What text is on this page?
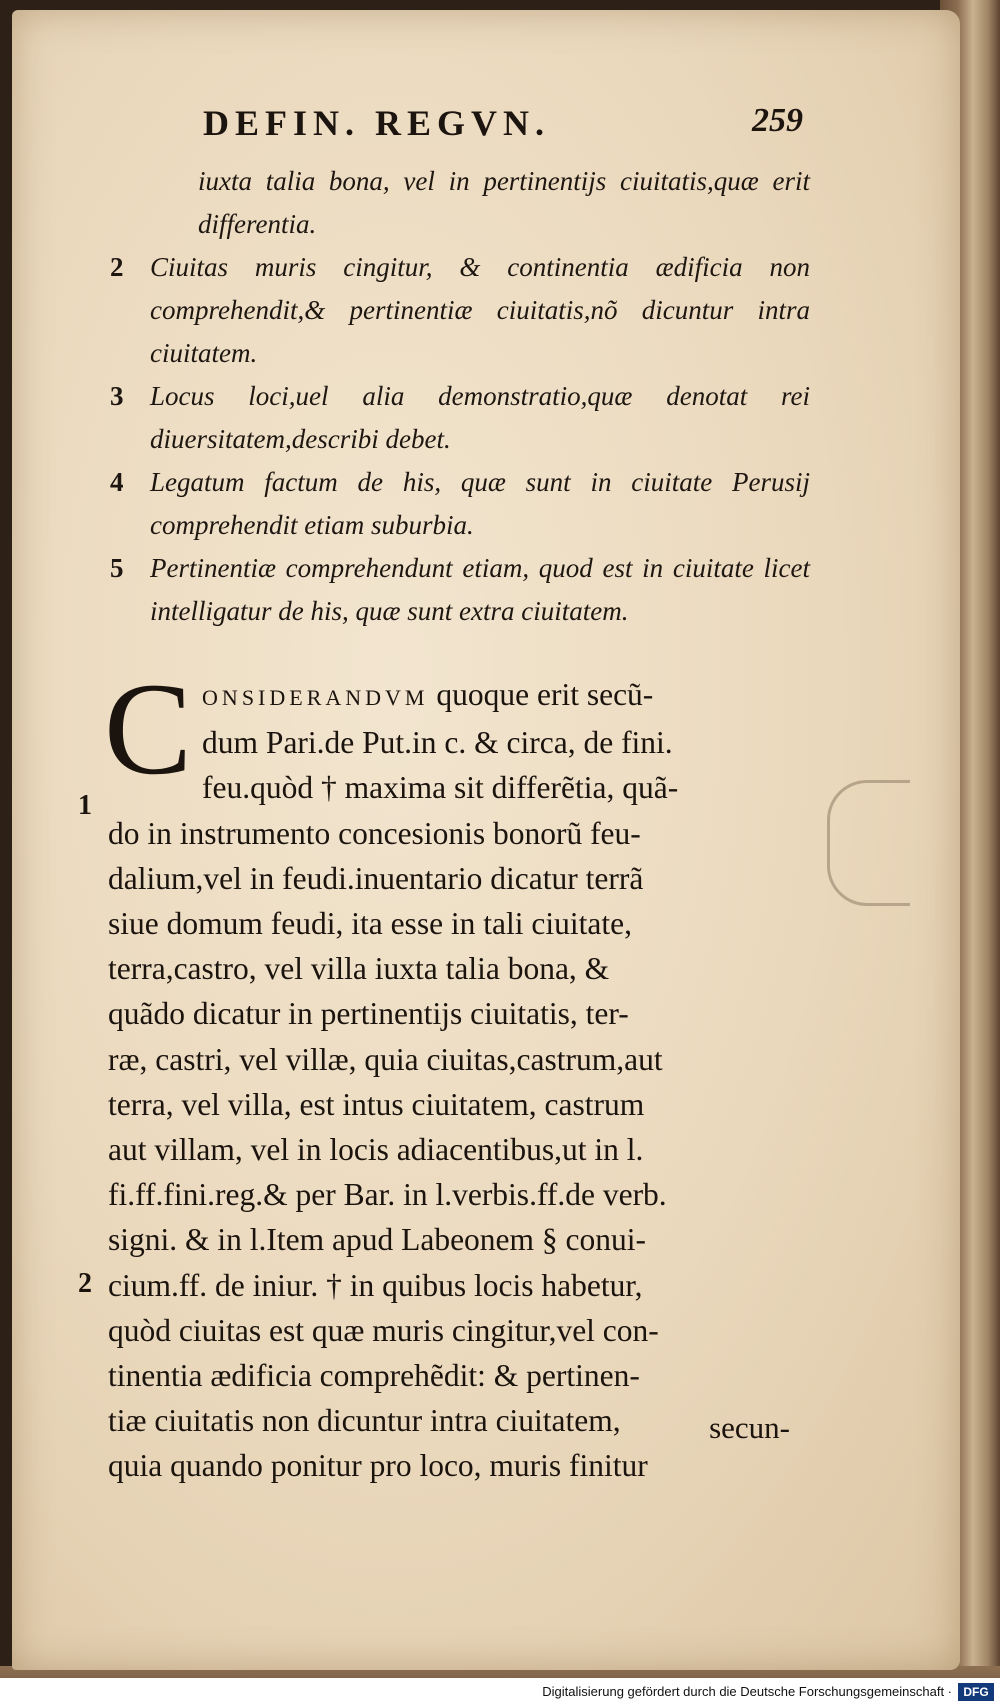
DEFIN. REGVN.	259
iuxta talia bona, vel in pertinentijs ciuitatis,quæ erit differentia.
2 Ciuitas muris cingitur, & continentia ædificia non comprehendit,& pertinentiæ ciuitatis,nõ dicuntur intra ciuitatem.
3 Locus loci,uel alia demonstratio,quæ denotat rei diuersitatem,describi debet.
4 Legatum factum de his, quæ sunt in ciuitate Perusij comprehendit etiam suburbia.
5 Pertinentiæ comprehendunt etiam, quod est in ciuitate licet intelligatur de his, quæ sunt extra ciuitatem.
C ONSIDERANDVM quoque erit secũ-
dum Pari.de Put.in c. & circa, de fini.
feu.quòd † maxima sit differẽtia, quã-
do in instrumento concesionis bonorũ feu-
dalium,vel in feudi.inuentario dicatur terrã
siue domum feudi, ita esse in tali ciuitate,
terra,castro, vel villa iuxta talia bona, &
quãdo dicatur in pertinentijs ciuitatis, ter-
ræ, castri, vel villæ, quia ciuitas,castrum,aut
terra, vel villa, est intus ciuitatem, castrum
aut villam, vel in locis adiacentibus,ut in l.
fi.ff.fini.reg.& per Bar. in l.verbis.ff.de verb.
signi. & in l.Item apud Labeonem § conui-
cium.ff. de iniur. † in quibus locis habetur,
quòd ciuitas est quæ muris cingitur,vel con-
tinentia ædificia comprehẽdit: & pertinen-
tiæ ciuitatis non dicuntur intra ciuitatem,
quia quando ponitur pro loco, muris finitur
1
2
secun-
Digitalisierung gefördert durch die Deutsche Forschungsgemeinschaft · DFG
